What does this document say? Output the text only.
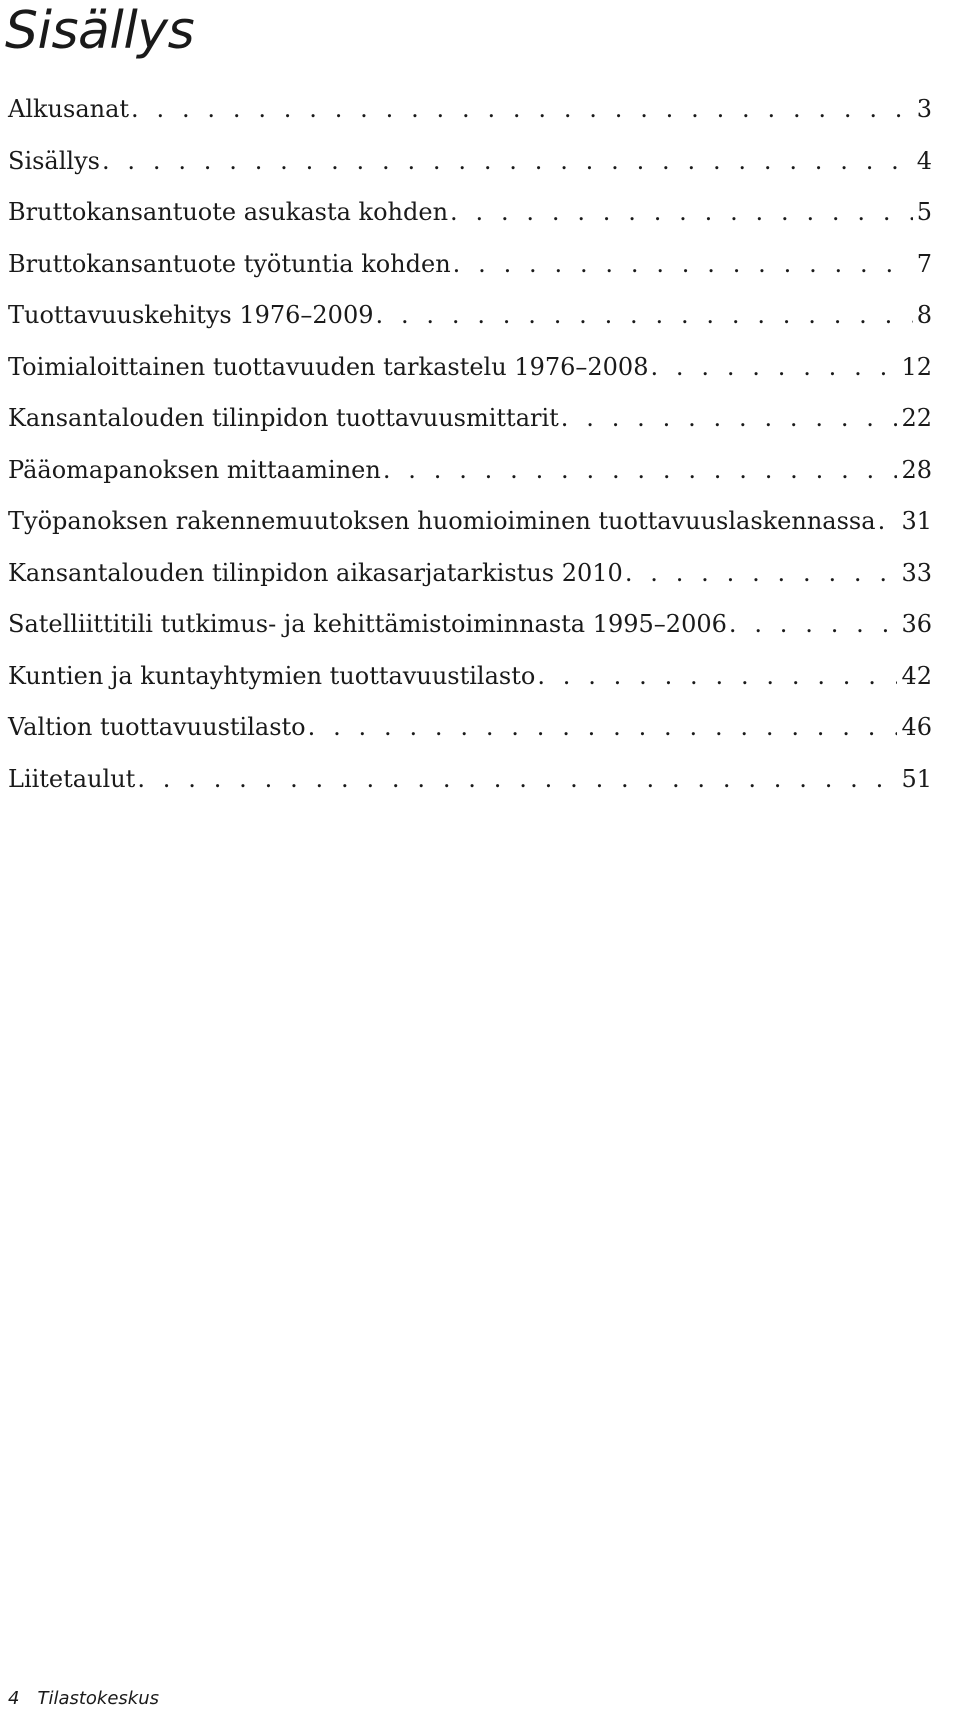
Sisällys
Alkusanat . . .	3
Sisällys . . .	4
Bruttokansantuote asukasta kohden . . .	5
Bruttokansantuote työtuntia kohden . . .	7
Tuottavuuskehitys 1976–2009 . . .	8
Toimialoittainen tuottavuuden tarkastelu 1976–2008 . . .	12
Kansantalouden tilinpidon tuottavuusmittarit . . .	22
Pääomapanoksen mittaaminen . . .	28
Työpanoksen rakennemuutoksen huomioiminen tuottavuuslaskennassa . . . 31
Kansantalouden tilinpidon aikasarjatarkistus 2010 . . .	33
Satelliittitili tutkimus- ja kehittämistoiminnasta 1995–2006 . . .	36
Kuntien ja kuntayhtymien tuottavuustilasto . . .	42
Valtion tuottavuustilasto . . .	46
Liitetaulut . . .	51
4 Tilastokeskus
